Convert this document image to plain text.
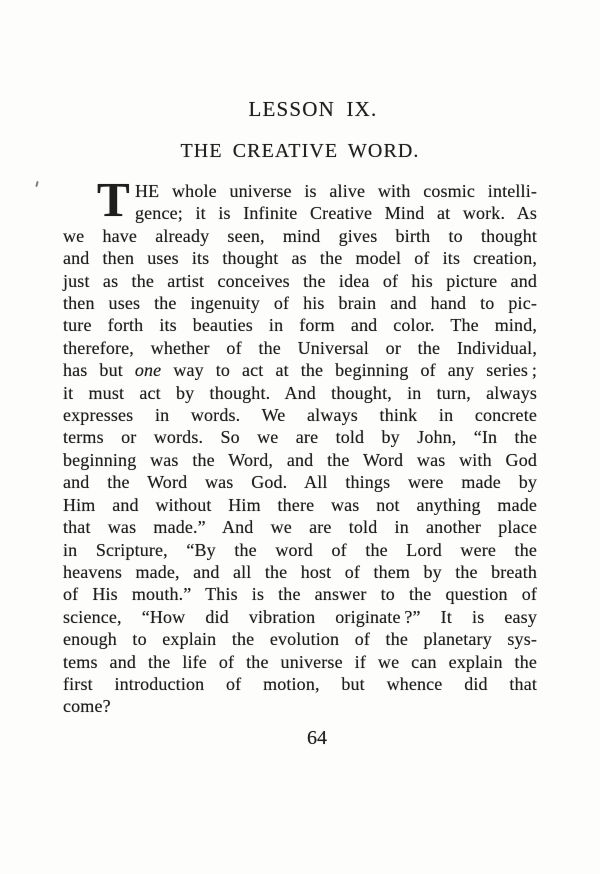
LESSON IX.
THE CREATIVE WORD.
T HE whole universe is alive with cosmic intelli-
gence; it is Infinite Creative Mind at work. As
we have already seen, mind gives birth to thought
and then uses its thought as the model of its creation,
just as the artist conceives the idea of his picture and
then uses the ingenuity of his brain and hand to pic-
ture forth its beauties in form and color. The mind,
therefore, whether of the Universal or the Individual,
has but one way to act at the beginning of any series ;
it must act by thought. And thought, in turn, always
expresses in words. We always think in concrete
terms or words. So we are told by John, “In the
beginning was the Word, and the Word was with God
and the Word was God. All things were made by
Him and without Him there was not anything made
that was made.” And we are told in another place
in Scripture, “By the word of the Lord were the
heavens made, and all the host of them by the breath
of His mouth.” This is the answer to the question of
science, “How did vibration originate ?” It is easy
enough to explain the evolution of the planetary sys-
tems and the life of the universe if we can explain the
first introduction of motion, but whence did that
come?
64
